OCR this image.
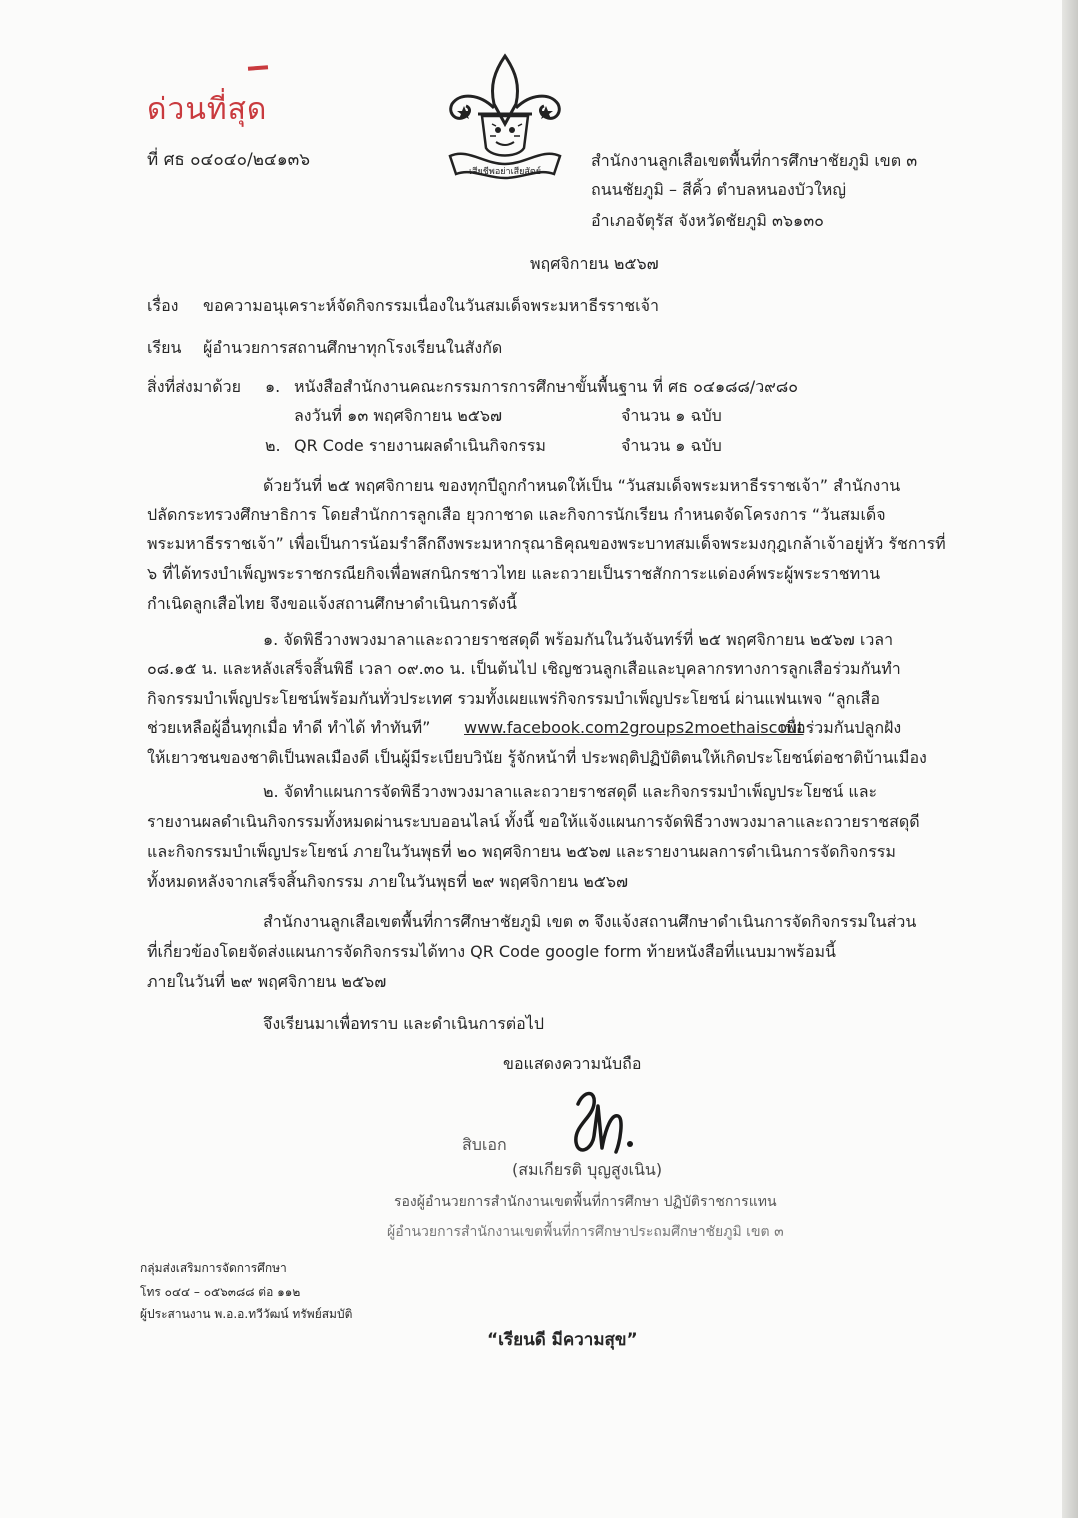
ด่วนที่สุด
ที่ ศธ ๐๔๐๔๐/๒๔๑๓๖
เสียชีพอย่าเสียสัตย์
สำนักงานลูกเสือเขตพื้นที่การศึกษาชัยภูมิ เขต ๓
ถนนชัยภูมิ – สีคิ้ว ตำบลหนองบัวใหญ่
อำเภอจัตุรัส จังหวัดชัยภูมิ ๓๖๑๓๐
พฤศจิกายน ๒๕๖๗
เรื่อง ขอความอนุเคราะห์จัดกิจกรรมเนื่องในวันสมเด็จพระมหาธีรราชเจ้า
เรียน ผู้อำนวยการสถานศึกษาทุกโรงเรียนในสังกัด
สิ่งที่ส่งมาด้วย ๑. หนังสือสำนักงานคณะกรรมการการศึกษาขั้นพื้นฐาน ที่ ศธ ๐๔๑๘๘/ว๙๘๐
ลงวันที่ ๑๓ พฤศจิกายน ๒๕๖๗	จำนวน ๑ ฉบับ
๒. QR Code รายงานผลดำเนินกิจกรรม	จำนวน ๑ ฉบับ
ด้วยวันที่ ๒๕ พฤศจิกายน ของทุกปีถูกกำหนดให้เป็น “วันสมเด็จพระมหาธีรราชเจ้า” สำนักงาน
ปลัดกระทรวงศึกษาธิการ โดยสำนักการลูกเสือ ยุวกาชาด และกิจการนักเรียน กำหนดจัดโครงการ “วันสมเด็จ
พระมหาธีรราชเจ้า” เพื่อเป็นการน้อมรำลึกถึงพระมหากรุณาธิคุณของพระบาทสมเด็จพระมงกุฎเกล้าเจ้าอยู่หัว รัชการที่
๖ ที่ได้ทรงบำเพ็ญพระราชกรณียกิจเพื่อพสกนิกรชาวไทย และถวายเป็นราชสักการะแด่องค์พระผู้พระราชทาน
กำเนิดลูกเสือไทย จึงขอแจ้งสถานศึกษาดำเนินการดังนี้
๑. จัดพิธีวางพวงมาลาและถวายราชสดุดี พร้อมกันในวันจันทร์ที่ ๒๕ พฤศจิกายน ๒๕๖๗ เวลา
๐๘.๑๕ น. และหลังเสร็จสิ้นพิธี เวลา ๐๙.๓๐ น. เป็นต้นไป เชิญชวนลูกเสือและบุคลากรทางการลูกเสือร่วมกันทำ
กิจกรรมบำเพ็ญประโยชน์พร้อมกันทั่วประเทศ รวมทั้งเผยแพร่กิจกรรมบำเพ็ญประโยชน์ ผ่านแฟนเพจ “ลูกเสือ
ช่วยเหลือผู้อื่นทุกเมื่อ ทำดี ทำได้ ทำทันที” www.facebook.com2groups2moethaiscout
เพื่อร่วมกันปลูกฝัง
ให้เยาวชนของชาติเป็นพลเมืองดี เป็นผู้มีระเบียบวินัย รู้จักหน้าที่ ประพฤติปฏิบัติตนให้เกิดประโยชน์ต่อชาติบ้านเมือง
๒. จัดทำแผนการจัดพิธีวางพวงมาลาและถวายราชสดุดี และกิจกรรมบำเพ็ญประโยชน์ และ
รายงานผลดำเนินกิจกรรมทั้งหมดผ่านระบบออนไลน์ ทั้งนี้ ขอให้แจ้งแผนการจัดพิธีวางพวงมาลาและถวายราชสดุดี
และกิจกรรมบำเพ็ญประโยชน์ ภายในวันพุธที่ ๒๐ พฤศจิกายน ๒๕๖๗ และรายงานผลการดำเนินการจัดกิจกรรม
ทั้งหมดหลังจากเสร็จสิ้นกิจกรรม ภายในวันพุธที่ ๒๙ พฤศจิกายน ๒๕๖๗
สำนักงานลูกเสือเขตพื้นที่การศึกษาชัยภูมิ เขต ๓ จึงแจ้งสถานศึกษาดำเนินการจัดกิจกรรมในส่วน
ที่เกี่ยวข้องโดยจัดส่งแผนการจัดกิจกรรมได้ทาง QR Code google form ท้ายหนังสือที่แนบมาพร้อมนี้
ภายในวันที่ ๒๙ พฤศจิกายน ๒๕๖๗
จึงเรียนมาเพื่อทราบ และดำเนินการต่อไป
ขอแสดงความนับถือ
สิบเอก
(สมเกียรติ บุญสูงเนิน)
รองผู้อำนวยการสำนักงานเขตพื้นที่การศึกษา ปฏิบัติราชการแทน
ผู้อำนวยการสำนักงานเขตพื้นที่การศึกษาประถมศึกษาชัยภูมิ เขต ๓
กลุ่มส่งเสริมการจัดการศึกษา
โทร ๐๔๔ – ๐๕๖๓๘๘ ต่อ ๑๑๒
ผู้ประสานงาน พ.อ.อ.ทวีวัฒน์ ทรัพย์สมบัติ
“เรียนดี มีความสุข”
